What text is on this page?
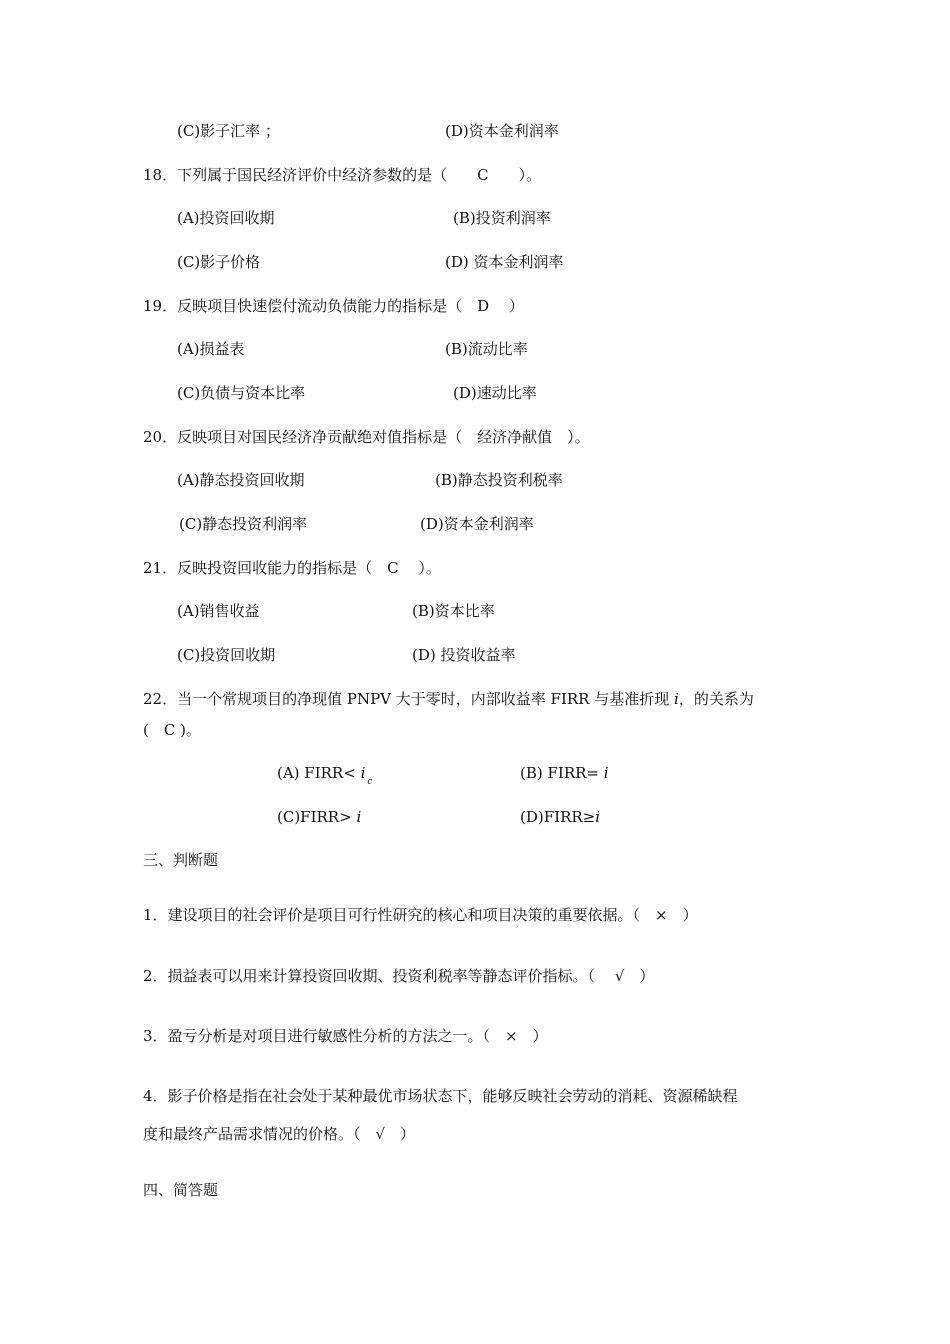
(C)影子汇率 ；	(D)资本金利润率
18．下列属于国民经济评价中经济参数的是（　　C　　）。
(A)投资回收期	(B)投资利润率
(C)影子价格	(D) 资本金利润率
19．反映项目快速偿付流动负债能力的指标是（　D　 ）
(A)损益表	(B)流动比率
(C)负债与资本比率	(D)速动比率
20．反映项目对国民经济净贡献绝对值指标是（　经济净献值　）。
(A)静态投资回收期	(B)静态投资利税率
(C)静态投资利润率	(D)资本金利润率
21．反映投资回收能力的指标是（　C　 ）。
(A)销售收益	(B)资本比率
(C)投资回收期	(D) 投资收益率
22．当一个常规项目的净现值 PNPV 大于零时，内部收益率 FIRR 与基准折现 i，的关系为
(　C )。
(A) FIRR< i $_c$	(B) FIRR= i
(C)FIRR> i	(D)FIRR≥i
三、判断题
1．建设项目的社会评价是项目可行性研究的核心和项目决策的重要依据。（　×　）
2．损益表可以用来计算投资回收期、投资利税率等静态评价指标。（　 √　）
3．盈亏分析是对项目进行敏感性分析的方法之一。（　×　）
4．影子价格是指在社会处于某种最优市场状态下，能够反映社会劳动的消耗、资源稀缺程
度和最终产品需求情况的价格。（　√　）
四、简答题
